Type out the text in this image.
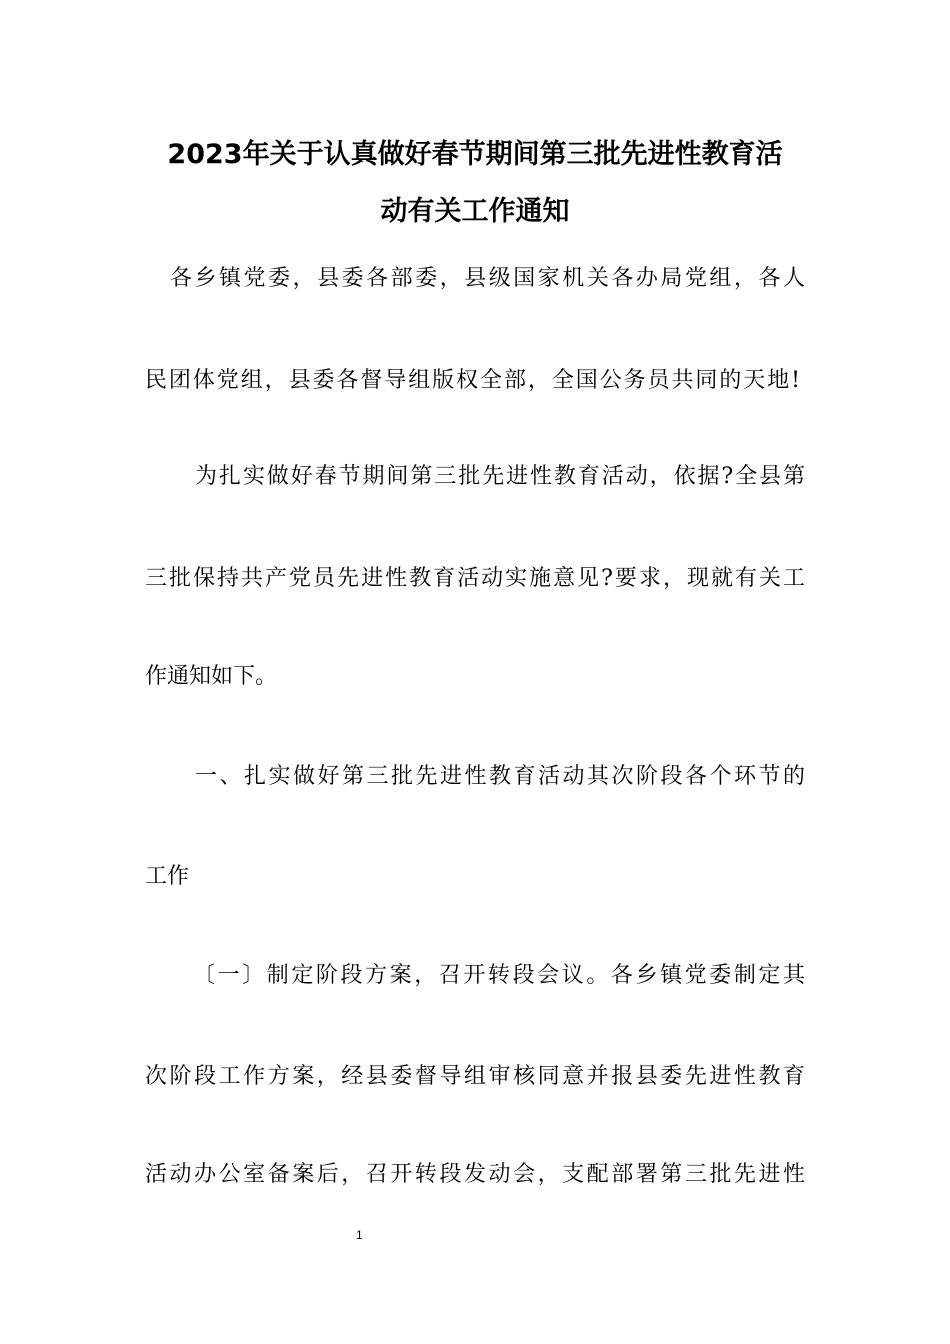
2023年关于认真做好春节期间第三批先进性教育活
动有关工作通知
各乡镇党委，县委各部委，县级国家机关各办局党组，各人
民团体党组，县委各督导组版权全部，全国公务员共同的天地!
为扎实做好春节期间第三批先进性教育活动，依据?全县第
三批保持共产党员先进性教育活动实施意见?要求，现就有关工
作通知如下。
一、扎实做好第三批先进性教育活动其次阶段各个环节的
工作
〔一〕制定阶段方案，召开转段会议。各乡镇党委制定其
次阶段工作方案，经县委督导组审核同意并报县委先进性教育
活动办公室备案后，召开转段发动会，支配部署第三批先进性
1
